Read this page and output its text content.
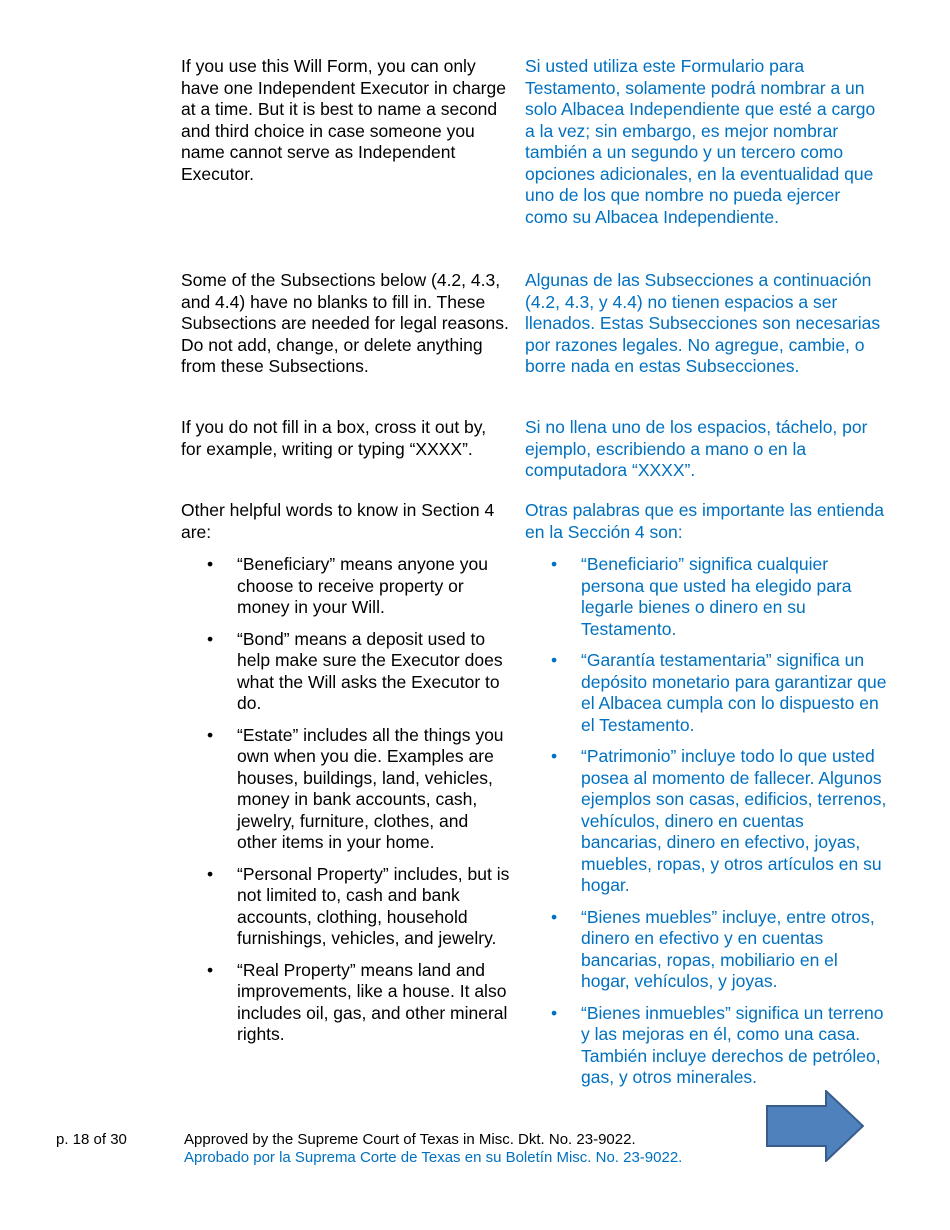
If you use this Will Form, you can only have one Independent Executor in charge at a time. But it is best to name a second and third choice in case someone you name cannot serve as Independent Executor.

Some of the Subsections below (4.2, 4.3, and 4.4) have no blanks to fill in. These Subsections are needed for legal reasons. Do not add, change, or delete anything from these Subsections.

If you do not fill in a box, cross it out by, for example, writing or typing “XXXX”.

Other helpful words to know in Section 4 are:

• “Beneficiary” means anyone you choose to receive property or money in your Will.
• “Bond” means a deposit used to help make sure the Executor does what the Will asks the Executor to do.
• “Estate” includes all the things you own when you die. Examples are houses, buildings, land, vehicles, money in bank accounts, cash, jewelry, furniture, clothes, and other items in your home.
• “Personal Property” includes, but is not limited to, cash and bank accounts, clothing, household furnishings, vehicles, and jewelry.
• “Real Property” means land and improvements, like a house. It also includes oil, gas, and other mineral rights.

Si usted utiliza este Formulario para Testamento, solamente podrá nombrar a un solo Albacea Independiente que esté a cargo a la vez; sin embargo, es mejor nombrar también a un segundo y un tercero como opciones adicionales, en la eventualidad que uno de los que nombre no pueda ejercer como su Albacea Independiente.

Algunas de las Subsecciones a continuación (4.2, 4.3, y 4.4) no tienen espacios a ser llenados. Estas Subsecciones son necesarias por razones legales. No agregue, cambie, o borre nada en estas Subsecciones.

Si no llena uno de los espacios, táchelo, por ejemplo, escribiendo a mano o en la computadora “XXXX”.

Otras palabras que es importante las entienda en la Sección 4 son:

• “Beneficiario” significa cualquier persona que usted ha elegido para legarle bienes o dinero en su Testamento.
• “Garantía testamentaria” significa un depósito monetario para garantizar que el Albacea cumpla con lo dispuesto en el Testamento.
• “Patrimonio” incluye todo lo que usted posea al momento de fallecer. Algunos ejemplos son casas, edificios, terrenos, vehículos, dinero en cuentas bancarias, dinero en efectivo, joyas, muebles, ropas, y otros artículos en su hogar.
• “Bienes muebles” incluye, entre otros, dinero en efectivo y en cuentas bancarias, ropas, mobiliario en el hogar, vehículos, y joyas.
• “Bienes inmuebles” significa un terreno y las mejoras en él, como una casa. También incluye derechos de petróleo, gas, y otros minerales.
p. 18 of 30	Approved by the Supreme Court of Texas in Misc. Dkt. No. 23-9022.
Aprobado por la Suprema Corte de Texas en su Boletín Misc. No. 23-9022.
